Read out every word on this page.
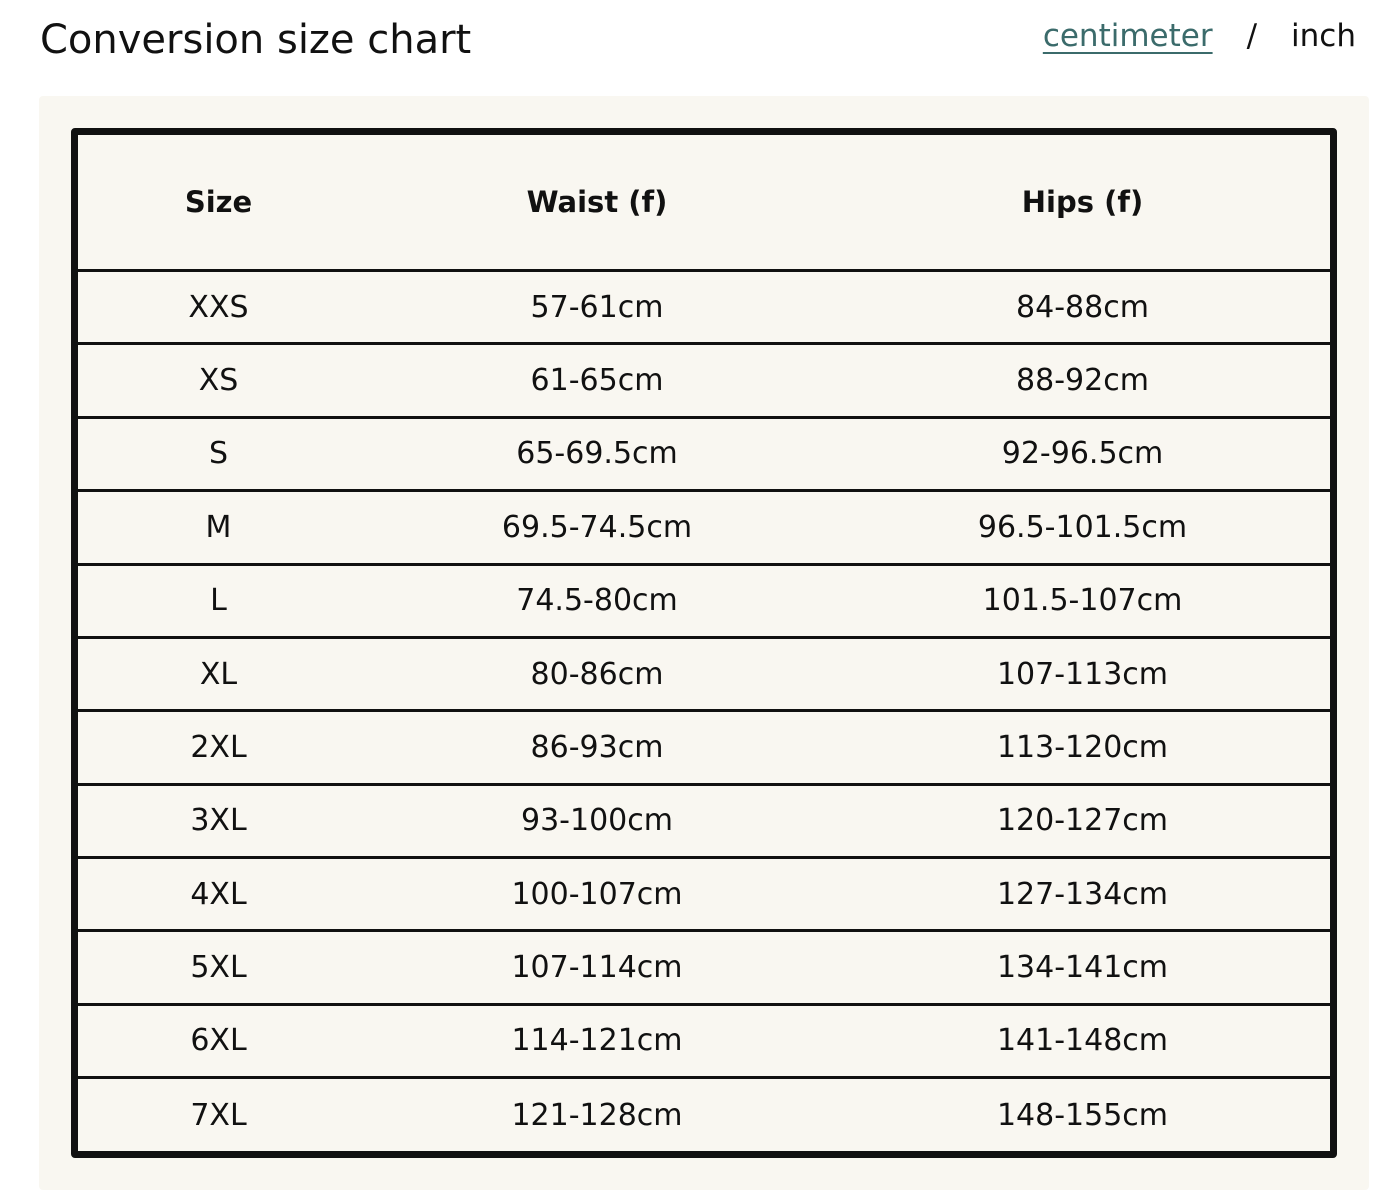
Conversion size chart	centimeter / inch
Size	Waist (f)	Hips (f)
XXS	57-61cm	84-88cm
XS	61-65cm	88-92cm
S	65-69.5cm	92-96.5cm
M	69.5-74.5cm	96.5-101.5cm
L	74.5-80cm	101.5-107cm
XL	80-86cm	107-113cm
2XL	86-93cm	113-120cm
3XL	93-100cm	120-127cm
4XL	100-107cm	127-134cm
5XL	107-114cm	134-141cm
6XL	114-121cm	141-148cm
7XL	121-128cm	148-155cm
